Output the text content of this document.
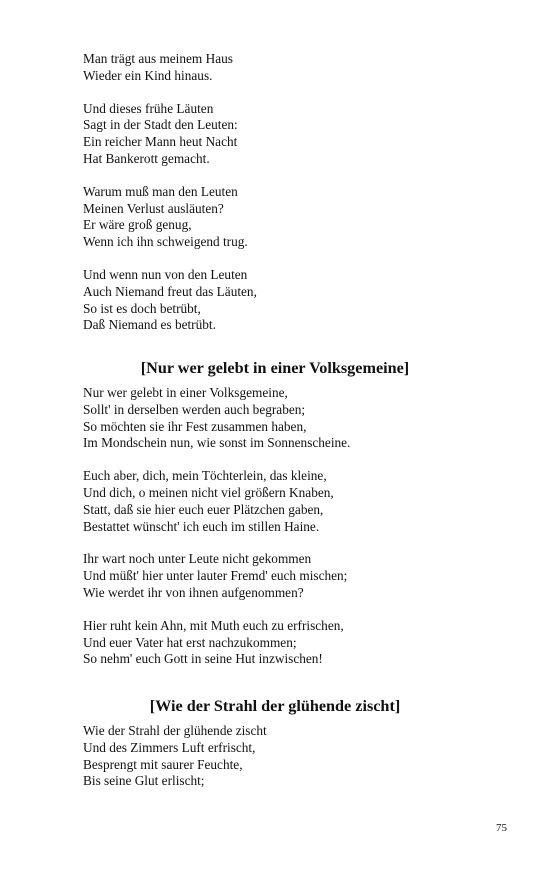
Man trägt aus meinem Haus
Wieder ein Kind hinaus.
Und dieses frühe Läuten
Sagt in der Stadt den Leuten:
Ein reicher Mann heut Nacht
Hat Bankerott gemacht.
Warum muß man den Leuten
Meinen Verlust ausläuten?
Er wäre groß genug,
Wenn ich ihn schweigend trug.
Und wenn nun von den Leuten
Auch Niemand freut das Läuten,
So ist es doch betrübt,
Daß Niemand es betrübt.
[Nur wer gelebt in einer Volksgemeine]
Nur wer gelebt in einer Volksgemeine,
Sollt' in derselben werden auch begraben;
So möchten sie ihr Fest zusammen haben,
Im Mondschein nun, wie sonst im Sonnenscheine.
Euch aber, dich, mein Töchterlein, das kleine,
Und dich, o meinen nicht viel größern Knaben,
Statt, daß sie hier euch euer Plätzchen gaben,
Bestattet wünscht' ich euch im stillen Haine.
Ihr wart noch unter Leute nicht gekommen
Und müßt' hier unter lauter Fremd' euch mischen;
Wie werdet ihr von ihnen aufgenommen?
Hier ruht kein Ahn, mit Muth euch zu erfrischen,
Und euer Vater hat erst nachzukommen;
So nehm' euch Gott in seine Hut inzwischen!
[Wie der Strahl der glühende zischt]
Wie der Strahl der glühende zischt
Und des Zimmers Luft erfrischt,
Besprengt mit saurer Feuchte,
Bis seine Glut erlischt;
75
